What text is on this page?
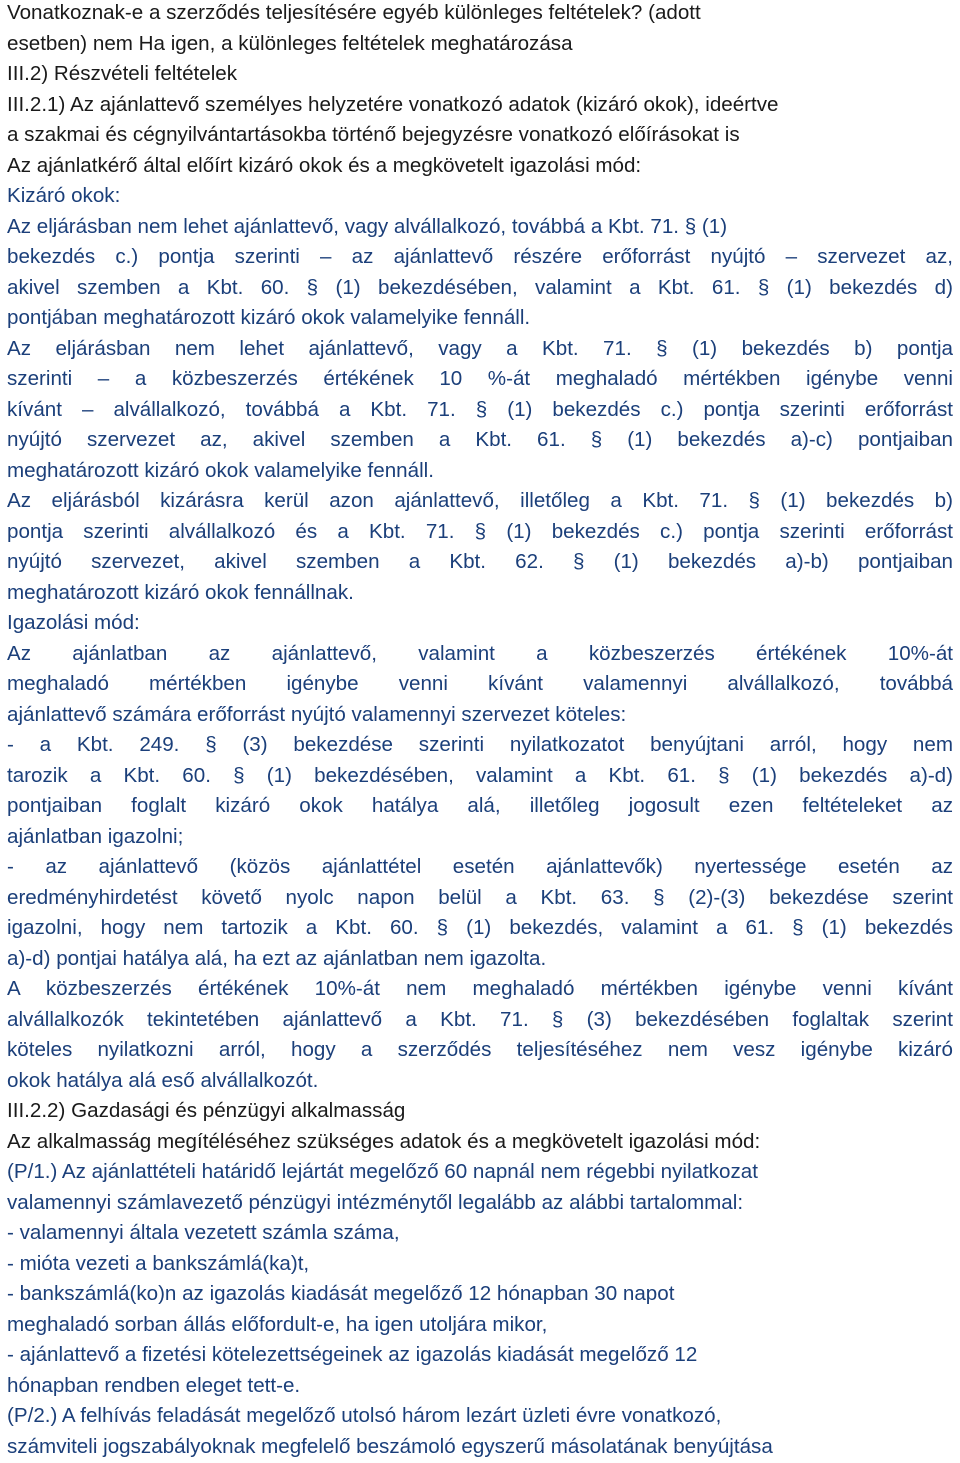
Vonatkoznak-e a szerződés teljesítésére egyéb különleges feltételek? (adott
esetben) nem Ha igen, a különleges feltételek meghatározása
III.2) Részvételi feltételek
III.2.1) Az ajánlattevő személyes helyzetére vonatkozó adatok (kizáró okok), ideértve
a szakmai és cégnyilvántartásokba történő bejegyzésre vonatkozó előírásokat is
Az ajánlatkérő által előírt kizáró okok és a megkövetelt igazolási mód:
Kizáró okok:
Az eljárásban nem lehet ajánlattevő, vagy alvállalkozó, továbbá a Kbt. 71. § (1)
bekezdés c.) pontja szerinti – az ajánlattevő részére erőforrást nyújtó – szervezet az,
akivel szemben a Kbt. 60. § (1) bekezdésében, valamint a Kbt. 61. § (1) bekezdés d)
pontjában meghatározott kizáró okok valamelyike fennáll.
Az eljárásban nem lehet ajánlattevő, vagy a Kbt. 71. § (1) bekezdés b) pontja
szerinti – a közbeszerzés értékének 10 %-át meghaladó mértékben igénybe venni
kívánt – alvállalkozó, továbbá a Kbt. 71. § (1) bekezdés c.) pontja szerinti erőforrást
nyújtó szervezet az, akivel szemben a Kbt. 61. § (1) bekezdés a)-c) pontjaiban
meghatározott kizáró okok valamelyike fennáll.
Az eljárásból kizárásra kerül azon ajánlattevő, illetőleg a Kbt. 71. § (1) bekezdés b)
pontja szerinti alvállalkozó és a Kbt. 71. § (1) bekezdés c.) pontja szerinti erőforrást
nyújtó szervezet, akivel szemben a Kbt. 62. § (1) bekezdés a)-b) pontjaiban
meghatározott kizáró okok fennállnak.
Igazolási mód:
Az ajánlatban az ajánlattevő, valamint a közbeszerzés értékének 10%-át
meghaladó mértékben igénybe venni kívánt valamennyi alvállalkozó, továbbá
ajánlattevő számára erőforrást nyújtó valamennyi szervezet köteles:
- a Kbt. 249. § (3) bekezdése szerinti nyilatkozatot benyújtani arról, hogy nem
tarozik a Kbt. 60. § (1) bekezdésében, valamint a Kbt. 61. § (1) bekezdés a)-d)
pontjaiban foglalt kizáró okok hatálya alá, illetőleg jogosult ezen feltételeket az
ajánlatban igazolni;
- az ajánlattevő (közös ajánlattétel esetén ajánlattevők) nyertessége esetén az
eredményhirdetést követő nyolc napon belül a Kbt. 63. § (2)-(3) bekezdése szerint
igazolni, hogy nem tartozik a Kbt. 60. § (1) bekezdés, valamint a 61. § (1) bekezdés
a)-d) pontjai hatálya alá, ha ezt az ajánlatban nem igazolta.
A közbeszerzés értékének 10%-át nem meghaladó mértékben igénybe venni kívánt
alvállalkozók tekintetében ajánlattevő a Kbt. 71. § (3) bekezdésében foglaltak szerint
köteles nyilatkozni arról, hogy a szerződés teljesítéséhez nem vesz igénybe kizáró
okok hatálya alá eső alvállalkozót.
III.2.2) Gazdasági és pénzügyi alkalmasság
Az alkalmasság megítéléséhez szükséges adatok és a megkövetelt igazolási mód:
(P/1.) Az ajánlattételi határidő lejártát megelőző 60 napnál nem régebbi nyilatkozat
valamennyi számlavezető pénzügyi intézménytől legalább az alábbi tartalommal:
- valamennyi általa vezetett számla száma,
- mióta vezeti a bankszámlá(ka)t,
- bankszámlá(ko)n az igazolás kiadását megelőző 12 hónapban 30 napot
meghaladó sorban állás előfordult-e, ha igen utoljára mikor,
- ajánlattevő a fizetési kötelezettségeinek az igazolás kiadását megelőző 12
hónapban rendben eleget tett-e.
(P/2.) A felhívás feladását megelőző utolsó három lezárt üzleti évre vonatkozó,
számviteli jogszabályoknak megfelelő beszámoló egyszerű másolatának benyújtása
